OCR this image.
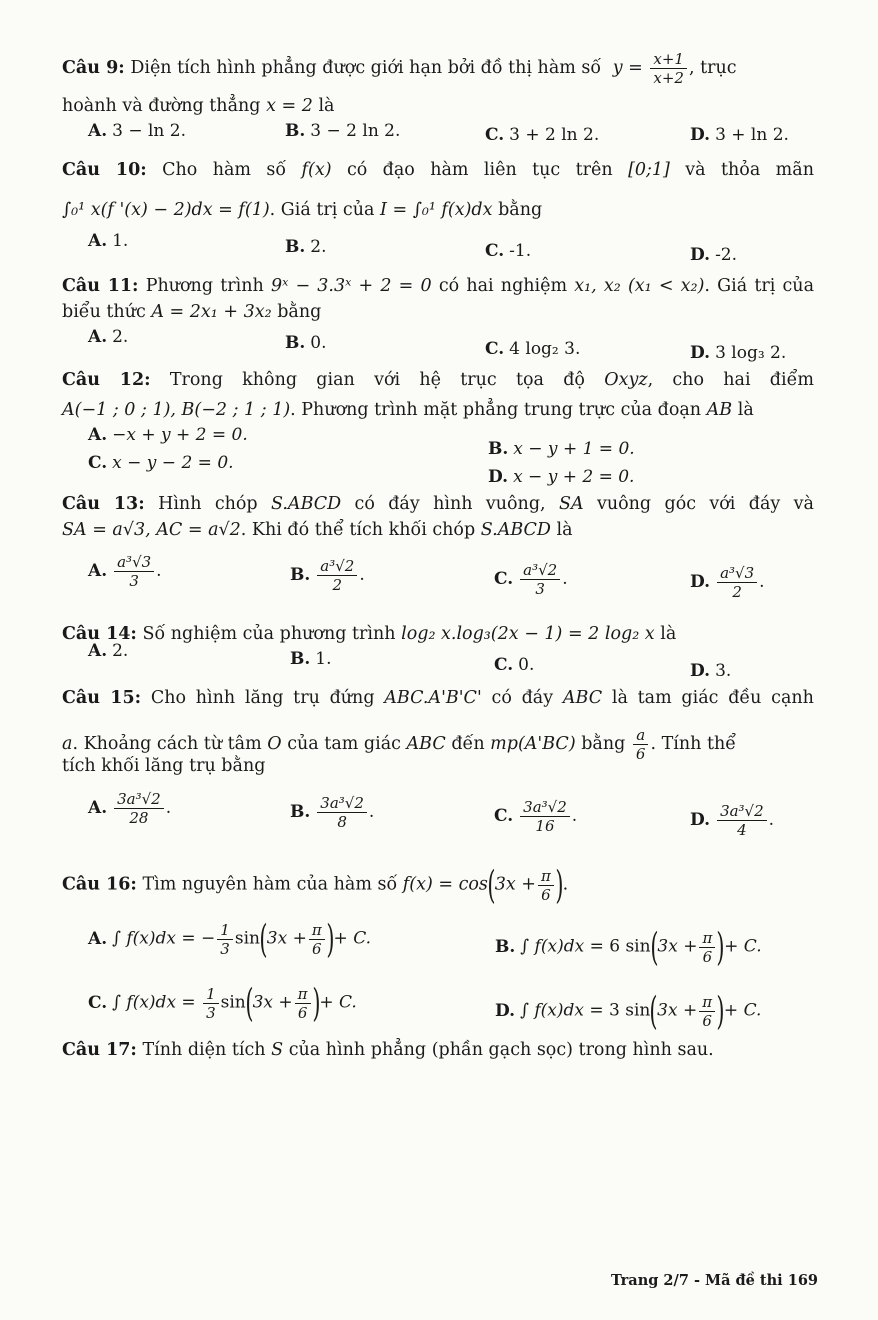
Câu 9: Diện tích hình phẳng được giới hạn bởi đồ thị hàm số $y = \frac{x+1}{x+2}$ , trục
hoành và đường thẳng x = 2 là
A. 3 − ln 2.	B. 3 − 2 ln 2.	C. 3 + 2 ln 2.	D. 3 + ln 2.
Câu 10: Cho hàm số f(x) có đạo hàm liên tục trên [0;1] và thỏa mãn
∫₀¹ x(f '(x) − 2)dx = f(1). Giá trị của I = ∫₀¹ f(x)dx bằng
A. 1.	B. 2.	C. -1.	D. -2.
Câu 11: Phương trình 9ˣ − 3.3ˣ + 2 = 0 có hai nghiệm x₁, x₂ (x₁ < x₂). Giá trị của
biểu thức A = 2x₁ + 3x₂ bằng
A. 2.	B. 0.	C. 4 log₂ 3.	D. 3 log₃ 2.
Câu 12: Trong không gian với hệ trục tọa độ Oxyz, cho hai điểm
A(−1 ; 0 ; 1), B(−2 ; 1 ; 1). Phương trình mặt phẳng trung trực của đoạn AB là
A. −x + y + 2 = 0.
B. x − y + 1 = 0.
C. x − y − 2 = 0.
D. x − y + 2 = 0.
Câu 13: Hình chóp S.ABCD có đáy hình vuông, SA vuông góc với đáy và
SA = a√3, AC = a√2. Khi đó thể tích khối chóp S.ABCD là
A. $\frac{\text{a³√3}}{3}$ .	B. $\frac{\text{a³√2}}{2}$ .	C. $\frac{\text{a³√2}}{3}$ .	D. $\frac{\text{a³√3}}{2}$ .
Câu 14: Số nghiệm của phương trình log₂ x.log₃(2x − 1) = 2 log₂ x là
A. 2.	B. 1.	C. 0.	D. 3.
Câu 15: Cho hình lăng trụ đứng ABC.A'B'C' có đáy ABC là tam giác đều cạnh
a. Khoảng cách từ tâm O của tam giác ABC đến mp(A'BC) bằng $\frac{a}{6}$ . Tính thể
tích khối lăng trụ bằng
A. $\frac{\text{3a³√2}}{28}$ .	B. $\frac{\text{3a³√2}}{8}$ .	C. $\frac{\text{3a³√2}}{16}$ .	D. $\frac{\text{3a³√2}}{4}$ .
Câu 16: Tìm nguyên hàm của hàm số $f(x) = \cos(3x + \frac{\pi}{6}$ ).
A. ∫ f(x)dx = − $\frac{1}{3} \sin(3x + \frac{\pi}{6}$ )+ C.	B. ∫ f(x)dx = 6 $\sin(3x + \frac{\pi}{6}$ )+ C.
C. ∫ $f(x)dx = \frac{1}{3} \sin(3x + \frac{\pi}{6}$ )+ C.	D. ∫ f(x)dx = 3 $\sin(3x + \frac{\pi}{6}$ )+ C.
Câu 17: Tính diện tích S của hình phẳng (phần gạch sọc) trong hình sau.
Trang 2/7 - Mã đề thi 169
